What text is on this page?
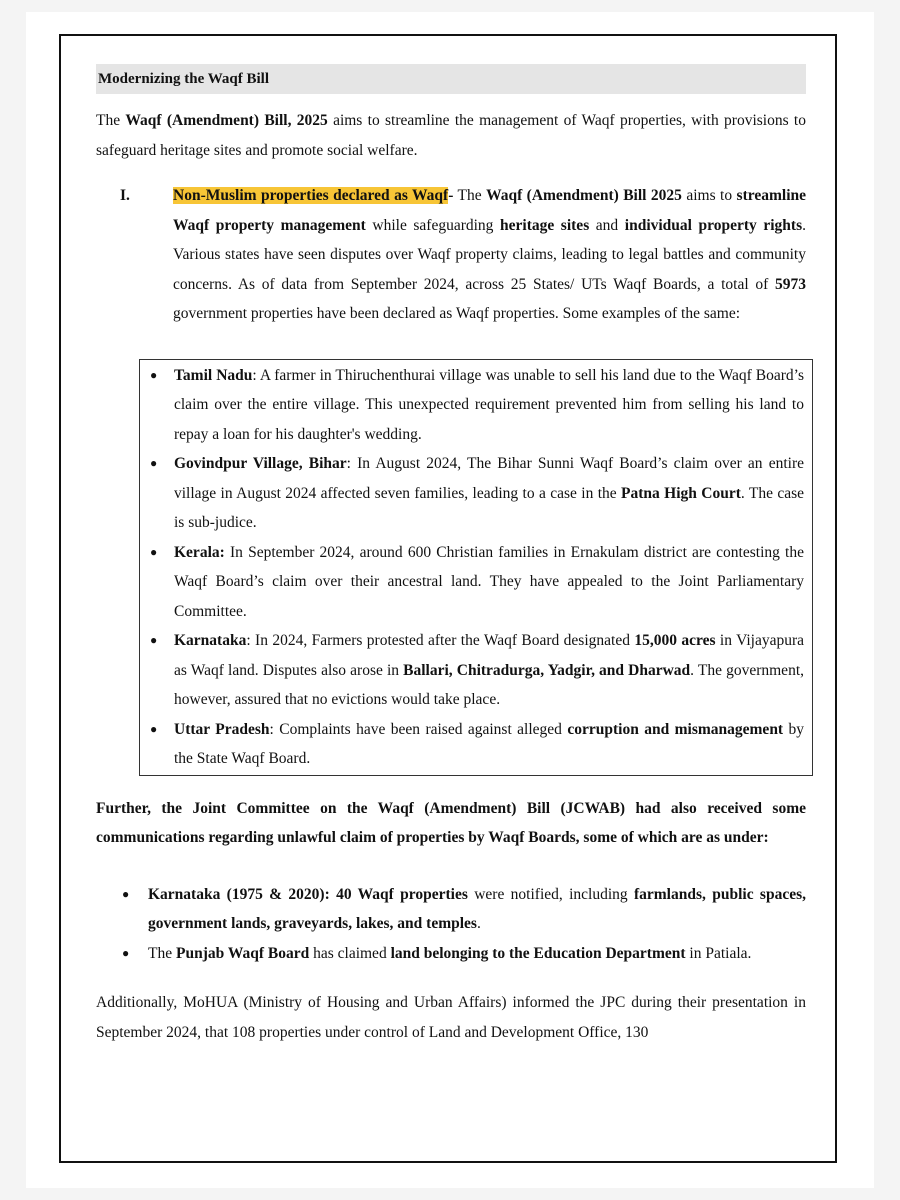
Modernizing the Waqf Bill

The Waqf (Amendment) Bill, 2025 aims to streamline the management of Waqf properties, with provisions to safeguard heritage sites and promote social welfare.

I.	Non-Muslim properties declared as Waqf- The Waqf (Amendment) Bill 2025 aims to streamline Waqf property management while safeguarding heritage sites and individual property rights. Various states have seen disputes over Waqf property claims, leading to legal battles and community concerns. As of data from September 2024, across 25 States/ UTs Waqf Boards, a total of 5973 government properties have been declared as Waqf properties. Some examples of the same:

● Tamil Nadu: A farmer in Thiruchenthurai village was unable to sell his land due to the Waqf Board’s claim over the entire village. This unexpected requirement prevented him from selling his land to repay a loan for his daughter's wedding.
● Govindpur Village, Bihar: In August 2024, The Bihar Sunni Waqf Board’s claim over an entire village in August 2024 affected seven families, leading to a case in the Patna High Court. The case is sub-judice.
● Kerala: In September 2024, around 600 Christian families in Ernakulam district are contesting the Waqf Board’s claim over their ancestral land. They have appealed to the Joint Parliamentary Committee.
● Karnataka: In 2024, Farmers protested after the Waqf Board designated 15,000 acres in Vijayapura as Waqf land. Disputes also arose in Ballari, Chitradurga, Yadgir, and Dharwad. The government, however, assured that no evictions would take place.
● Uttar Pradesh: Complaints have been raised against alleged corruption and mismanagement by the State Waqf Board.

Further, the Joint Committee on the Waqf (Amendment) Bill (JCWAB) had also received some communications regarding unlawful claim of properties by Waqf Boards, some of which are as under:

● Karnataka (1975 & 2020): 40 Waqf properties were notified, including farmlands, public spaces, government lands, graveyards, lakes, and temples.
● The Punjab Waqf Board has claimed land belonging to the Education Department in Patiala.

Additionally, MoHUA (Ministry of Housing and Urban Affairs) informed the JPC during their presentation in September 2024, that 108 properties under control of Land and Development Office, 130
